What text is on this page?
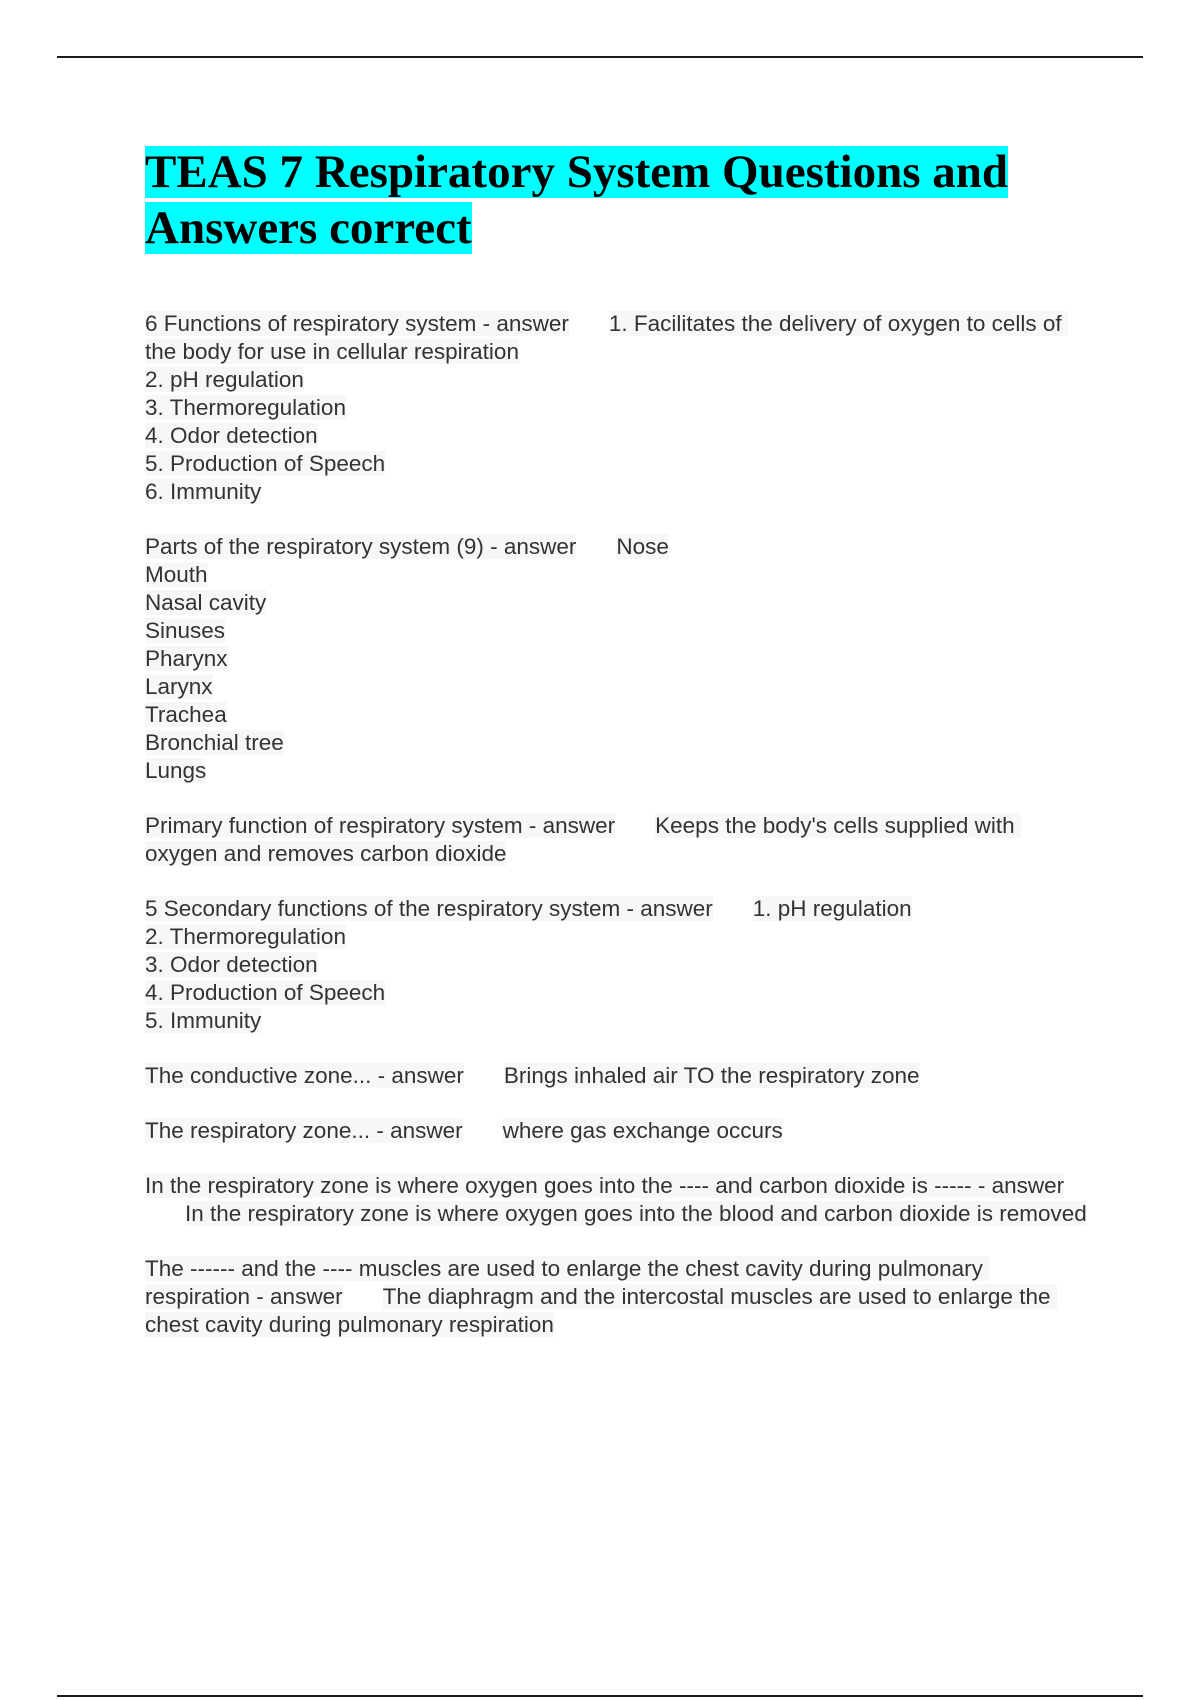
TEAS 7 Respiratory System Questions and Answers correct
6 Functions of respiratory system - answer 1. Facilitates the delivery of oxygen to cells of the body for use in cellular respiration
2. pH regulation
3. Thermoregulation
4. Odor detection
5. Production of Speech
6. Immunity
Parts of the respiratory system (9) - answer Nose
Mouth
Nasal cavity
Sinuses
Pharynx
Larynx
Trachea
Bronchial tree
Lungs
Primary function of respiratory system - answer Keeps the body's cells supplied with oxygen and removes carbon dioxide
5 Secondary functions of the respiratory system - answer 1. pH regulation
2. Thermoregulation
3. Odor detection
4. Production of Speech
5. Immunity
The conductive zone... - answer Brings inhaled air TO the respiratory zone
The respiratory zone... - answer where gas exchange occurs
In the respiratory zone is where oxygen goes into the ---- and carbon dioxide is ----- - answerIn the respiratory zone is where oxygen goes into the blood and carbon dioxide is removed
The ------ and the ---- muscles are used to enlarge the chest cavity during pulmonary respiration - answer The diaphragm and the intercostal muscles are used to enlarge the chest cavity during pulmonary respiration
